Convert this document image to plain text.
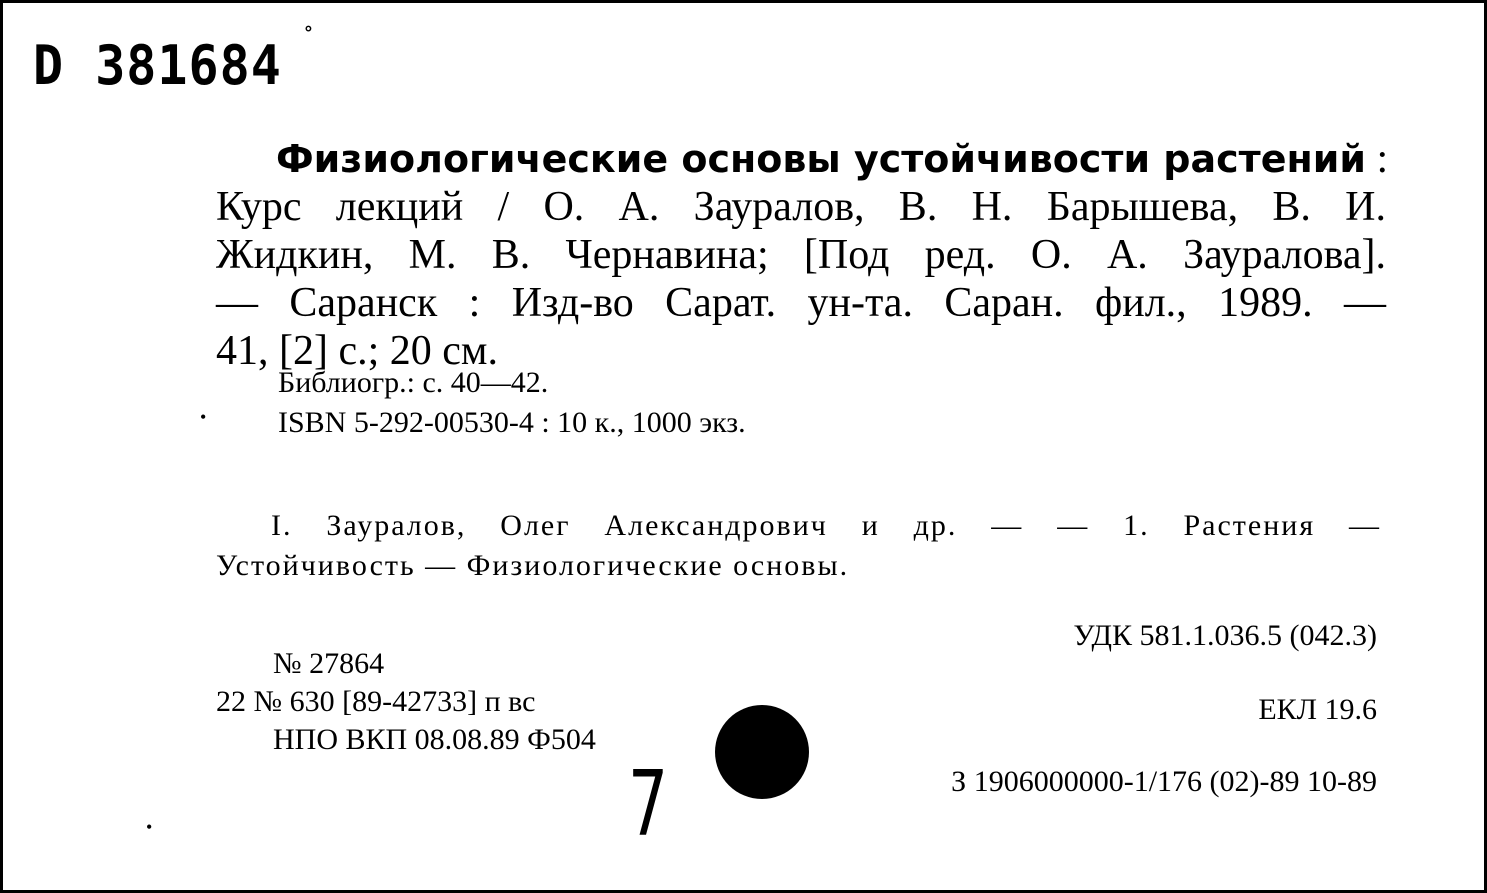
D 381684
°
Физиологические основы устойчивости растений :
Курс лекций / О. А. Зауралов, В. Н. Барышева, В. И.
Жидкин, М. В. Чернавина; [Под ред. О. А. Зауралова].
— Саранск : Изд-во Сарат. ун-та. Саран. фил., 1989. —
41, [2] с.; 20 см.
Библиогр.: с. 40—42.
ISBN 5-292-00530-4 : 10 к., 1000 экз.
•
•
I. Зауралов, Олег Александрович и др. — — 1. Растения —
Устойчивость — Физиологические основы.
№ 27864
22 № 630 [89-42733] п вс
НПО ВКП 08.08.89 Ф504
УДК 581.1.036.5 (042.3)
ЕКЛ 19.6
З 1906000000-1/176 (02)-89 10-89
7
